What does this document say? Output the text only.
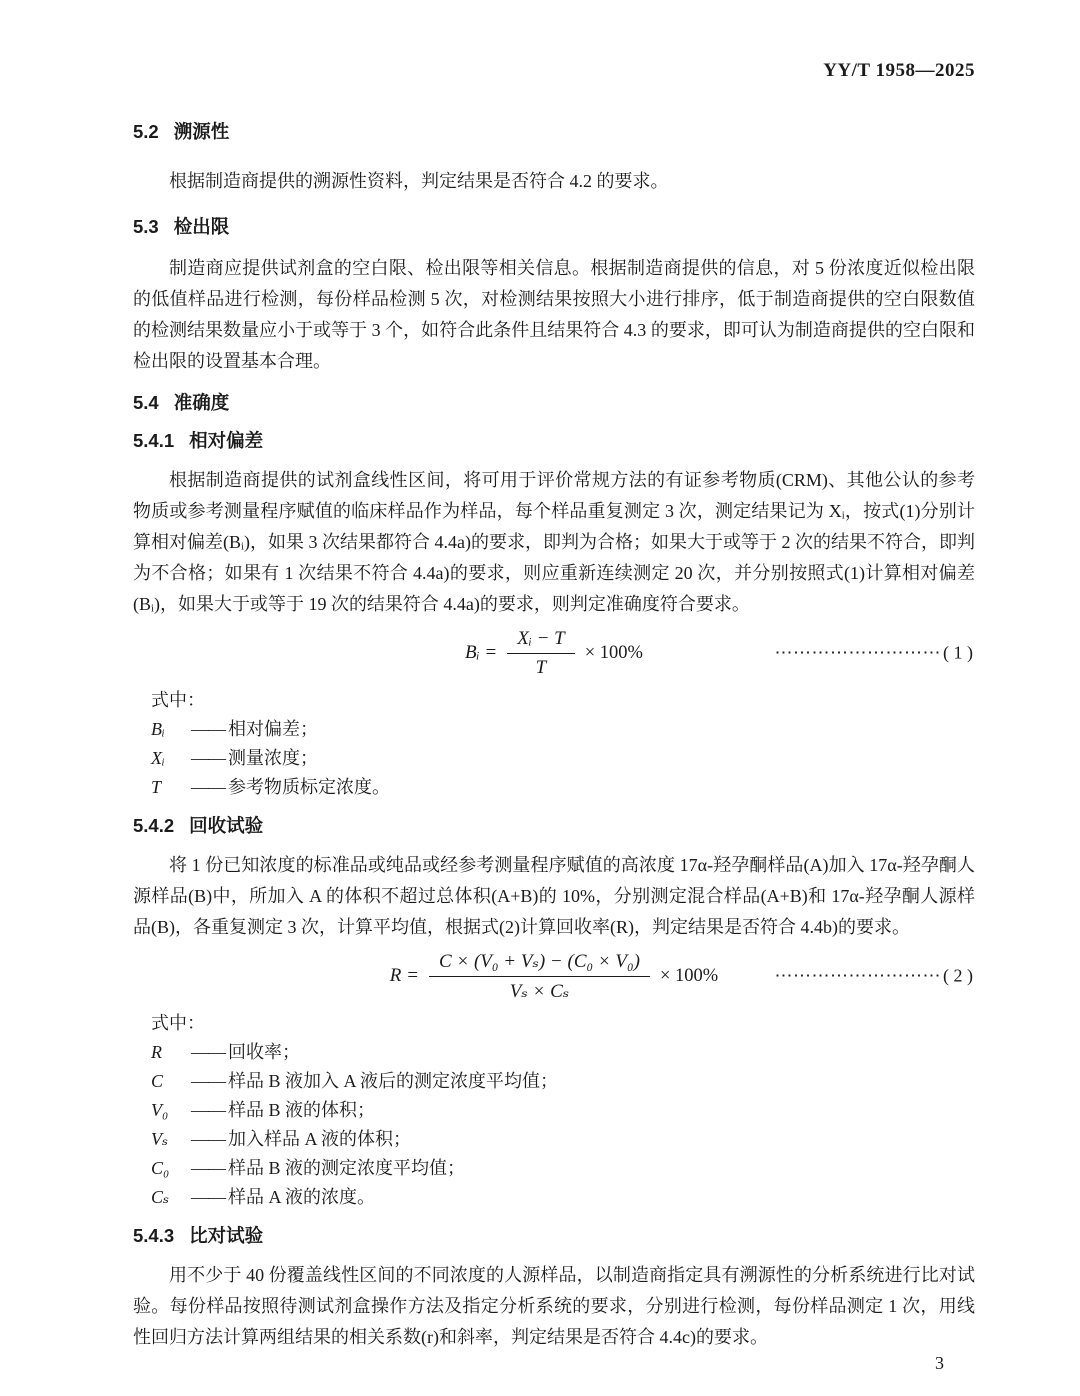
YY/T 1958—2025
5.2 溯源性

根据制造商提供的溯源性资料，判定结果是否符合 4.2 的要求。

5.3 检出限

制造商应提供试剂盒的空白限、检出限等相关信息。根据制造商提供的信息，对 5 份浓度近似检出限的低值样品进行检测，每份样品检测 5 次，对检测结果按照大小进行排序，低于制造商提供的空白限数值的检测结果数量应小于或等于 3 个，如符合此条件且结果符合 4.3 的要求，即可认为制造商提供的空白限和检出限的设置基本合理。

5.4 准确度
5.4.1 相对偏差

根据制造商提供的试剂盒线性区间，将可用于评价常规方法的有证参考物质(CRM)、其他公认的参考物质或参考测量程序赋值的临床样品作为样品，每个样品重复测定 3 次，测定结果记为 Xᵢ，按式(1)分别计算相对偏差(Bᵢ)，如果 3 次结果都符合 4.4a)的要求，即判为合格；如果大于或等于 2 次的结果不符合，即判为不合格；如果有 1 次结果不符合 4.4a)的要求，则应重新连续测定 20 次，并分别按照式(1)计算相对偏差(Bᵢ)，如果大于或等于 19 次的结果符合 4.4a)的要求，则判定准确度符合要求。

Bᵢ = $\frac{\text{Xᵢ − T}}{T} \times 100\%$	⋯⋯⋯⋯⋯⋯⋯⋯⋯ ( 1 )
式中：
Bᵢ	—— 相对偏差；
Xᵢ	—— 测量浓度；
T	—— 参考物质标定浓度。
5.4.2 回收试验

将 1 份已知浓度的标准品或纯品或经参考测量程序赋值的高浓度 17α-羟孕酮样品(A)加入 17α-羟孕酮人源样品(B)中，所加入 A 的体积不超过总体积(A+B)的 10%，分别测定混合样品(A+B)和 17α-羟孕酮人源样品(B)，各重复测定 3 次，计算平均值，根据式(2)计算回收率(R)，判定结果是否符合 4.4b)的要求。

$R = \frac{\text{C × (V₀ + Vₛ) − (C₀ × V₀)}}{\text{Vₛ × Cₛ}} \times 100\%$	⋯⋯⋯⋯⋯⋯⋯⋯⋯ ( 2 )
式中：
R	—— 回收率；
C	—— 样品 B 液加入 A 液后的测定浓度平均值；
V₀	—— 样品 B 液的体积；
Vₛ	—— 加入样品 A 液的体积；
C₀	—— 样品 B 液的测定浓度平均值；
Cₛ	—— 样品 A 液的浓度。
5.4.3 比对试验

用不少于 40 份覆盖线性区间的不同浓度的人源样品，以制造商指定具有溯源性的分析系统进行比对试验。每份样品按照待测试剂盒操作方法及指定分析系统的要求，分别进行检测，每份样品测定 1 次，用线性回归方法计算两组结果的相关系数(r)和斜率，判定结果是否符合 4.4c)的要求。

3
